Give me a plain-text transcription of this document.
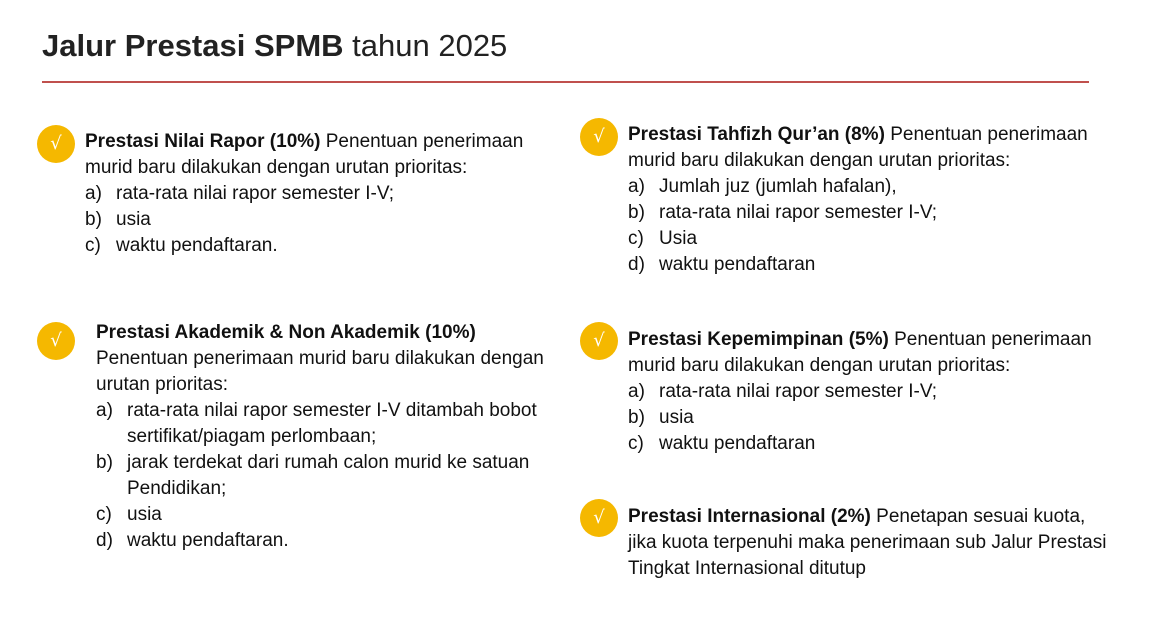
Jalur Prestasi SPMB tahun 2025
√	Prestasi Nilai Rapor (10%) Penentuan penerimaan murid baru dilakukan dengan urutan prioritas:
a) rata-rata nilai rapor semester I-V;
b) usia
c) waktu pendaftaran.
√	Prestasi Akademik & Non Akademik (10%) Penentuan penerimaan murid baru dilakukan dengan urutan prioritas:
a) rata-rata nilai rapor semester I-V ditambah bobot sertifikat/piagam perlombaan;
b) jarak terdekat dari rumah calon murid ke satuan Pendidikan;
c) usia
d) waktu pendaftaran.
√	Prestasi Tahfizh Qur’an (8%) Penentuan penerimaan murid baru dilakukan dengan urutan prioritas:
a) Jumlah juz (jumlah hafalan),
b) rata-rata nilai rapor semester I-V;
c) Usia
d) waktu pendaftaran
√	Prestasi Kepemimpinan (5%) Penentuan penerimaan murid baru dilakukan dengan urutan prioritas:
a) rata-rata nilai rapor semester I-V;
b) usia
c) waktu pendaftaran
√	Prestasi Internasional (2%) Penetapan sesuai kuota, jika kuota terpenuhi maka penerimaan sub Jalur Prestasi Tingkat Internasional ditutup
